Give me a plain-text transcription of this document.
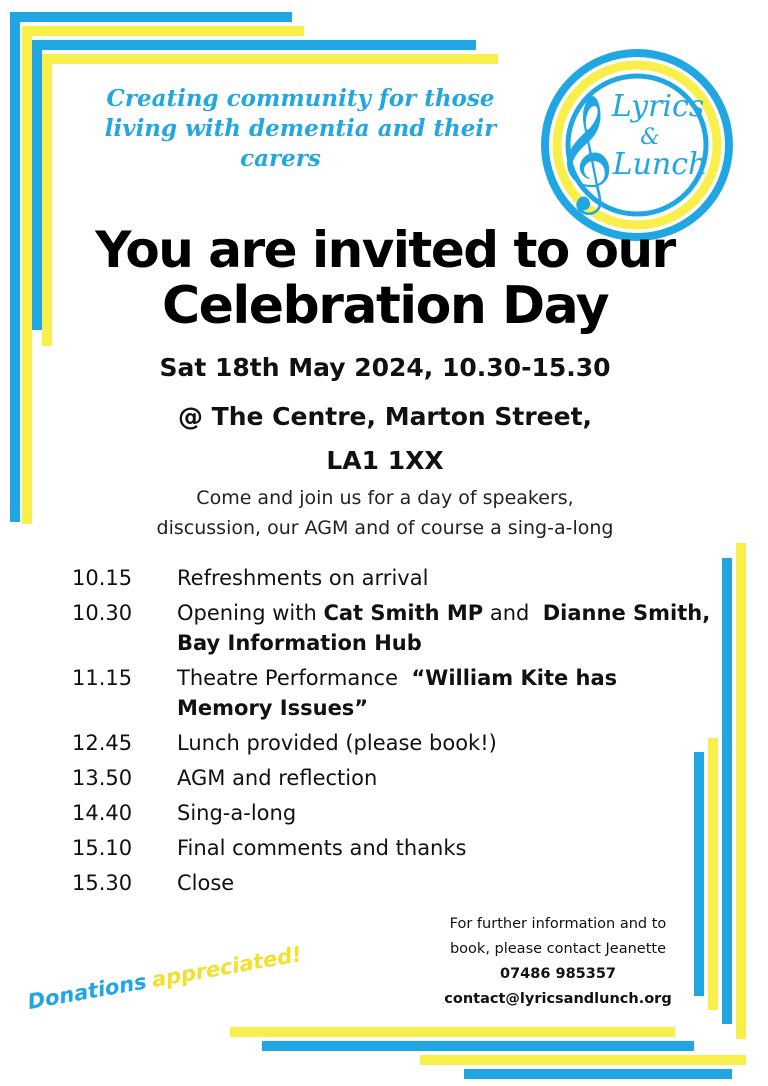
Creating community for those
living with dementia and their
carers	𝄞
Lyrics
&
Lunch
You are invited to our
Celebration Day
Sat 18th May 2024, 10.30-15.30
@ The Centre, Marton Street,
LA1 1XX
Come and join us for a day of speakers,
discussion, our AGM and of course a sing-a-long
10.15	Refreshments on arrival
10.30	Opening with Cat Smith MP and  Dianne Smith, Bay Information Hub
11.15	Theatre Performance  “William Kite has Memory Issues”
12.45	Lunch provided (please book!)
13.50	AGM and reflection
14.40	Sing-a-long
15.10	Final comments and thanks
15.30	Close
For further information and to
book, please contact Jeanette
07486 985357
contact@lyricsandlunch.org
Donationsappreciated!
